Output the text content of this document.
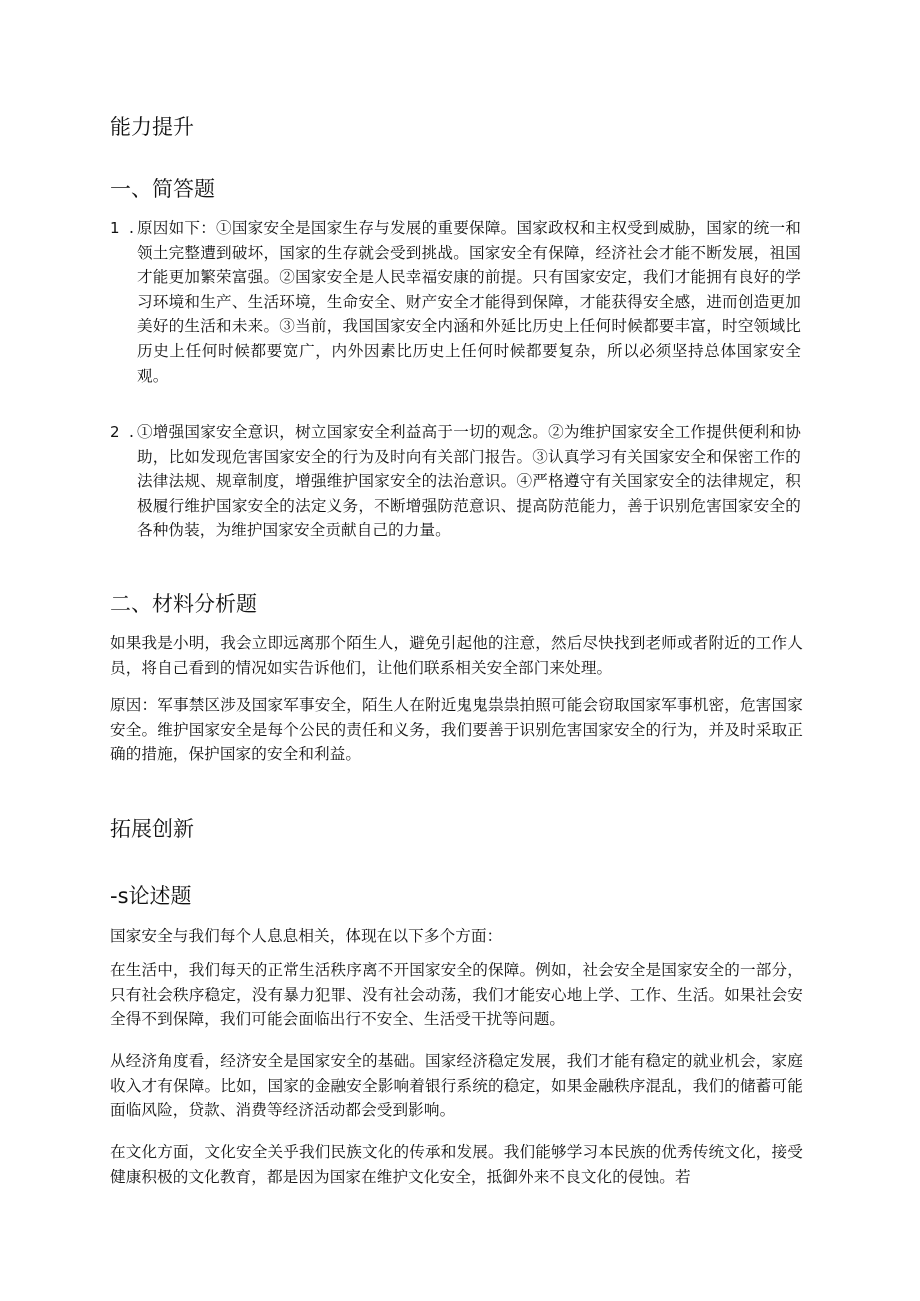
能力提升
一、简答题
1 . 原因如下：①国家安全是国家生存与发展的重要保障。国家政权和主权受到威胁，国家的统一和领土完整遭到破坏，国家的生存就会受到挑战。国家安全有保障，经济社会才能不断发展，祖国才能更加繁荣富强。②国家安全是人民幸福安康的前提。只有国家安定，我们才能拥有良好的学习环境和生产、生活环境，生命安全、财产安全才能得到保障，才能获得安全感，进而创造更加美好的生活和未来。③当前，我国国家安全内涵和外延比历史上任何时候都要丰富，时空领域比历史上任何时候都要宽广，内外因素比历史上任何时候都要复杂，所以必须坚持总体国家安全观。

2 . ①增强国家安全意识，树立国家安全利益高于一切的观念。②为维护国家安全工作提供便利和协助，比如发现危害国家安全的行为及时向有关部门报告。③认真学习有关国家安全和保密工作的法律法规、规章制度，增强维护国家安全的法治意识。④严格遵守有关国家安全的法律规定，积极履行维护国家安全的法定义务，不断增强防范意识、提高防范能力，善于识别危害国家安全的各种伪装，为维护国家安全贡献自己的力量。

二、材料分析题

如果我是小明，我会立即远离那个陌生人，避免引起他的注意，然后尽快找到老师或者附近的工作人员，将自己看到的情况如实告诉他们，让他们联系相关安全部门来处理。

原因：军事禁区涉及国家军事安全，陌生人在附近鬼鬼祟祟拍照可能会窃取国家军事机密，危害国家安全。维护国家安全是每个公民的责任和义务，我们要善于识别危害国家安全的行为，并及时采取正确的措施，保护国家的安全和利益。

拓展创新
-s论述题

国家安全与我们每个人息息相关，体现在以下多个方面：

在生活中，我们每天的正常生活秩序离不开国家安全的保障。例如，社会安全是国家安全的一部分，只有社会秩序稳定，没有暴力犯罪、没有社会动荡，我们才能安心地上学、工作、生活。如果社会安全得不到保障，我们可能会面临出行不安全、生活受干扰等问题。

从经济角度看，经济安全是国家安全的基础。国家经济稳定发展，我们才能有稳定的就业机会，家庭收入才有保障。比如，国家的金融安全影响着银行系统的稳定，如果金融秩序混乱，我们的储蓄可能面临风险，贷款、消费等经济活动都会受到影响。

在文化方面，文化安全关乎我们民族文化的传承和发展。我们能够学习本民族的优秀传统文化，接受健康积极的文化教育，都是因为国家在维护文化安全，抵御外来不良文化的侵蚀。若
